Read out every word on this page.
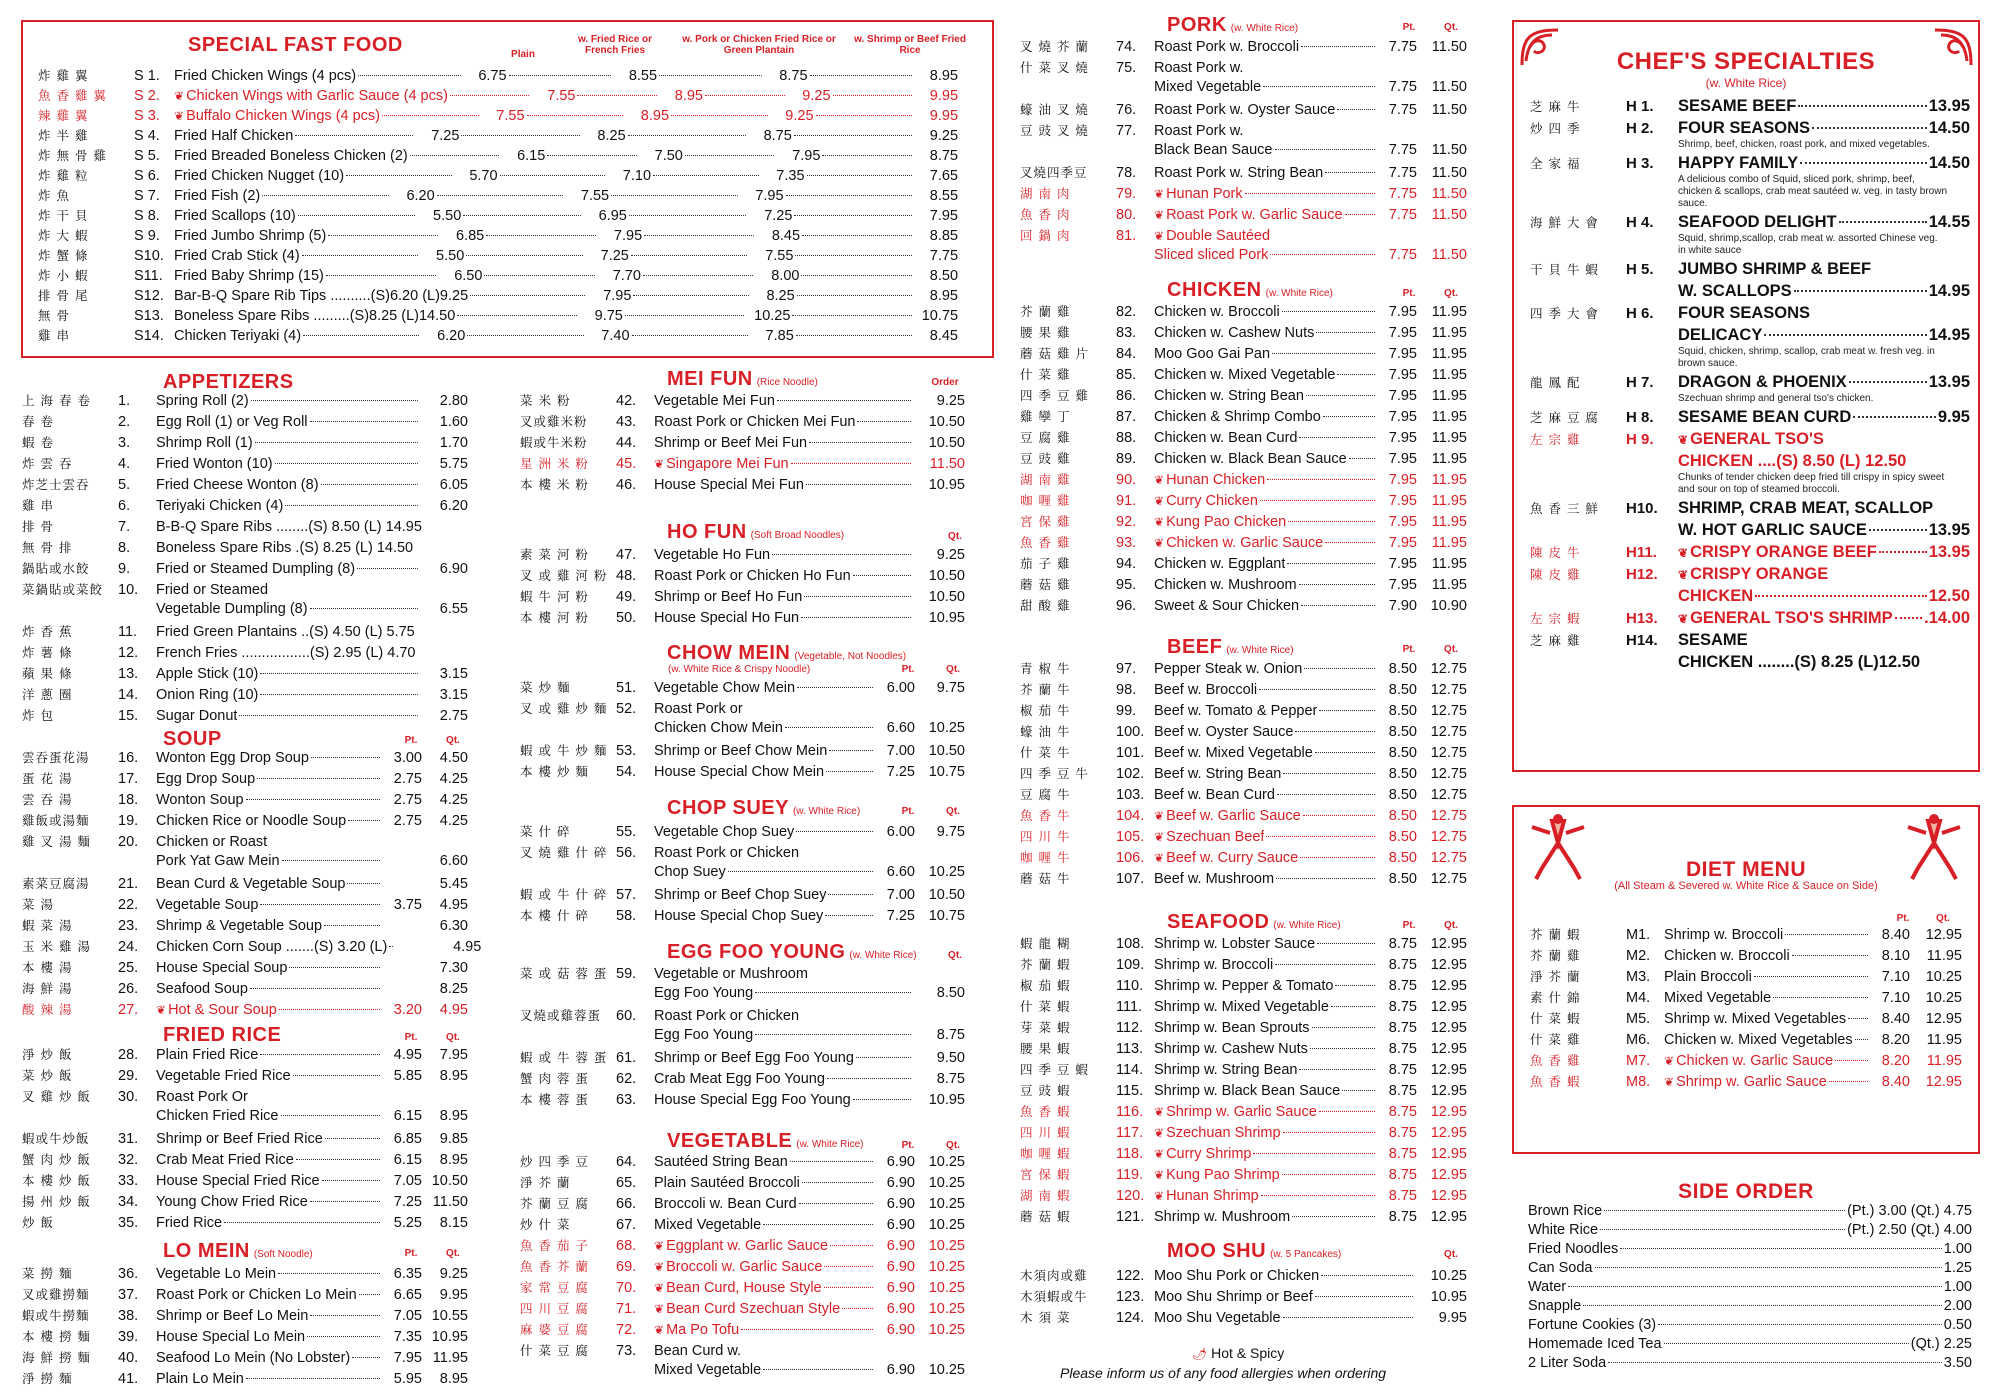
SPECIAL FAST FOOD	Plain
w. Fried Rice or French Fries
w. Pork or Chicken Fried Rice or Green Plantain
w. Shrimp or Beef Fried Rice
炸 雞 翼	S 1. Fried Chicken Wings (4 pcs)	6.75	8.55	8.75	8.95
魚 香 雞 翼	S 2.	❦ Chicken Wings with Garlic Sauce (4 pcs)	7.55	8.95	9.25	9.95
辣 雞 翼	S 3.	❦ Buffalo Chicken Wings (4 pcs)	7.55	8.95	9.25	9.95
炸 半 雞	S 4. Fried Half Chicken	7.25	8.25	8.75	9.25
炸 無 骨 雞	S 5. Fried Breaded Boneless Chicken (2)	6.15	7.50	7.95	8.75
炸 雞 粒	S 6. Fried Chicken Nugget (10)	5.70	7.10	7.35	7.65
炸 魚	S 7. Fried Fish (2)	6.20	7.55	7.95	8.55
炸 干 貝	S 8. Fried Scallops (10)	5.50	6.95	7.25	7.95
炸 大 蝦	S 9. Fried Jumbo Shrimp (5)	6.85	7.95	8.45	8.85
炸 蟹 條	S10. Fried Crab Stick (4)	5.50	7.25	7.55	7.75
炸 小 蝦	S11. Fried Baby Shrimp (15)	6.50	7.70	8.00	8.50
排 骨 尾	S12. Bar-B-Q Spare Rib Tips ..........(S)6.20 (L)9.25	7.95	8.25	8.95
無 骨	S13. Boneless Spare Ribs .........(S)8.25 (L)14.50	9.75	10.25	10.75
雞 串	S14. Chicken Teriyaki (4)	6.20	7.40	7.85	8.45
APPETIZERS
上 海 春 卷	1.	Spring Roll (2)	2.80
春 卷	2.	Egg Roll (1) or Veg Roll	1.60
蝦 卷	3.	Shrimp Roll (1)	1.70
炸 雲 吞	4.	Fried Wonton (10)	5.75
炸芝士雲吞	5.	Fried Cheese Wonton (8)	6.05
雞 串	6.	Teriyaki Chicken (4)	6.20
排 骨	7.	B-B-Q Spare Ribs ........(S) 8.50 (L) 14.95
無 骨 排	8.	Boneless Spare Ribs .(S) 8.25 (L) 14.50
鍋貼或水餃	9.	Fried or Steamed Dumpling (8)	6.90
菜鍋貼或菜餃	10.	Fried or Steamed
Vegetable Dumpling (8)	6.55
炸 香 蕉	11.	Fried Green Plantains ..(S) 4.50 (L) 5.75
炸 薯 條	12.	French Fries .................(S) 2.95 (L) 4.70
蘋 果 條	13.	Apple Stick (10)	3.15
洋 蔥 圈	14.	Onion Ring (10)	3.15
炸 包	15.	Sugar Donut	2.75
SOUP	Pt.	Qt.
雲吞蛋花湯	16.	Wonton Egg Drop Soup	3.00	4.50
蛋 花 湯	17.	Egg Drop Soup	2.75	4.25
雲 吞 湯	18.	Wonton Soup	2.75	4.25
雞飯或湯麵	19.	Chicken Rice or Noodle Soup	2.75	4.25
雞 叉 湯 麵	20.	Chicken or Roast
Pork Yat Gaw Mein	6.60
素菜豆腐湯	21.	Bean Curd & Vegetable Soup	5.45
菜 湯	22.	Vegetable Soup	3.75	4.95
蝦 菜 湯	23.	Shrimp & Vegetable Soup	6.30
玉 米 雞 湯	24.	Chicken Corn Soup .......(S) 3.20 (L)	4.95
本 樓 湯	25.	House Special Soup	7.30
海 鮮 湯	26.	Seafood Soup	8.25
酸 辣 湯	27.	❦ Hot & Sour Soup	3.20	4.95
FRIED RICE	Pt.	Qt.
淨 炒 飯	28.	Plain Fried Rice	4.95	7.95
菜 炒 飯	29.	Vegetable Fried Rice	5.85	8.95
叉 雞 炒 飯	30.	Roast Pork Or
Chicken Fried Rice	6.15	8.95
蝦或牛炒飯	31.	Shrimp or Beef Fried Rice	6.85	9.85
蟹 肉 炒 飯	32.	Crab Meat Fried Rice	6.15	8.95
本 樓 炒 飯	33.	House Special Fried Rice	7.05 10.50
揚 州 炒 飯	34.	Young Chow Fried Rice	7.25 11.50
炒 飯	35.	Fried Rice	5.25	8.15
LO MEIN (Soft Noodle)	Pt.	Qt.
菜 撈 麵	36.	Vegetable Lo Mein	6.35	9.25
叉或雞撈麵	37.	Roast Pork or Chicken Lo Mein	6.65	9.95
蝦或牛撈麵	38.	Shrimp or Beef Lo Mein	7.05 10.55
本 樓 撈 麵	39.	House Special Lo Mein	7.35 10.95
海 鮮 撈 麵	40.	Seafood Lo Mein (No Lobster)	7.95 11.95
淨 撈 麵	41.	Plain Lo Mein	5.95	8.95
MEI FUN (Rice Noodle)	Order
菜 米 粉	42.	Vegetable Mei Fun	9.25
叉或雞米粉	43.	Roast Pork or Chicken Mei Fun	10.50
蝦或牛米粉	44.	Shrimp or Beef Mei Fun	10.50
星 洲 米 粉	45.	❦ Singapore Mei Fun	11.50
本 樓 米 粉	46.	House Special Mei Fun	10.95
HO FUN (Soft Broad Noodles)	Qt.
素 菜 河 粉	47.	Vegetable Ho Fun	9.25
叉 或 雞 河 粉 48.	Roast Pork or Chicken Ho Fun	10.50
蝦 牛 河 粉	49.	Shrimp or Beef Ho Fun	10.50
本 樓 河 粉	50.	House Special Ho Fun	10.95
CHOW MEIN (Vegetable, Not Noodles)
(w. White Rice & Crispy Noodle)	Pt.	Qt.
菜 炒 麵	51.	Vegetable Chow Mein	6.00	9.75
叉 或 雞 炒 麵 52.	Roast Pork or
Chicken Chow Mein	6.60 10.25
蝦 或 牛 炒 麵 53.	Shrimp or Beef Chow Mein	7.00 10.50
本 樓 炒 麵	54.	House Special Chow Mein	7.25 10.75
CHOP SUEY (w. White Rice)	Pt.	Qt.
菜 什 碎	55.	Vegetable Chop Suey	6.00	9.75
叉 燒 雞 什 碎 56.	Roast Pork or Chicken
Chop Suey	6.60 10.25
蝦 或 牛 什 碎 57.	Shrimp or Beef Chop Suey	7.00 10.50
本 樓 什 碎	58.	House Special Chop Suey	7.25 10.75
EGG FOO YOUNG (w. White Rice)	Qt.
菜 或 菇 蓉 蛋 59.	Vegetable or Mushroom
Egg Foo Young	8.50
叉燒或雞蓉蛋	60.	Roast Pork or Chicken
Egg Foo Young	8.75
蝦 或 牛 蓉 蛋 61.	Shrimp or Beef Egg Foo Young	9.50
蟹 肉 蓉 蛋	62.	Crab Meat Egg Foo Young	8.75
本 樓 蓉 蛋	63.	House Special Egg Foo Young	10.95
VEGETABLE (w. White Rice)	Pt.	Qt.
炒 四 季 豆	64.	Sautéed String Bean	6.90 10.25
淨 芥 蘭	65.	Plain Sautéed Broccoli	6.90 10.25
芥 蘭 豆 腐	66.	Broccoli w. Bean Curd	6.90 10.25
炒 什 菜	67.	Mixed Vegetable	6.90 10.25
魚 香 茄 子	68.	❦ Eggplant w. Garlic Sauce	6.90 10.25
魚 香 芥 蘭	69.	❦ Broccoli w. Garlic Sauce	6.90 10.25
家 常 豆 腐	70.	❦ Bean Curd, House Style	6.90 10.25
四 川 豆 腐	71.	❦ Bean Curd Szechuan Style	6.90 10.25
麻 婆 豆 腐	72.	❦ Ma Po Tofu	6.90 10.25
什 菜 豆 腐	73.	Bean Curd w.
Mixed Vegetable	6.90 10.25
PORK (w. White Rice)	Pt.	Qt.
叉 燒 芥 蘭	74.	Roast Pork w. Broccoli	7.75	11.50
什 菜 叉 燒	75.	Roast Pork w.
Mixed Vegetable	7.75	11.50
蠔 油 叉 燒	76.	Roast Pork w. Oyster Sauce	7.75	11.50
豆 豉 叉 燒	77.	Roast Pork w.
Black Bean Sauce	7.75	11.50
叉燒四季豆	78.	Roast Pork w. String Bean	7.75	11.50
湖 南 肉	79.	❦ Hunan Pork	7.75	11.50
魚 香 肉	80.	❦ Roast Pork w. Garlic Sauce	7.75	11.50
回 鍋 肉	81.	❦ Double Sautéed
Sliced sliced Pork	7.75	11.50
CHICKEN (w. White Rice)	Pt.	Qt.
芥 蘭 雞	82.	Chicken w. Broccoli	7.95	11.95
腰 果 雞	83.	Chicken w. Cashew Nuts	7.95	11.95
蘑 菇 雞 片	84.	Moo Goo Gai Pan	7.95	11.95
什 菜 雞	85.	Chicken w. Mixed Vegetable	7.95	11.95
四 季 豆 雞	86.	Chicken w. String Bean	7.95	11.95
雞 孿 丁	87.	Chicken & Shrimp Combo	7.95	11.95
豆 腐 雞	88.	Chicken w. Bean Curd	7.95	11.95
豆 豉 雞	89.	Chicken w. Black Bean Sauce	7.95	11.95
湖 南 雞	90.	❦ Hunan Chicken	7.95	11.95
咖 喱 雞	91.	❦ Curry Chicken	7.95	11.95
宮 保 雞	92.	❦ Kung Pao Chicken	7.95	11.95
魚 香 雞	93.	❦ Chicken w. Garlic Sauce	7.95	11.95
茄 子 雞	94.	Chicken w. Eggplant	7.95	11.95
蘑 菇 雞	95.	Chicken w. Mushroom	7.95	11.95
甜 酸 雞	96.	Sweet & Sour Chicken	7.90 10.90
BEEF (w. White Rice)	Pt.	Qt.
青 椒 牛	97.	Pepper Steak w. Onion	8.50 12.75
芥 蘭 牛	98.	Beef w. Broccoli	8.50 12.75
椒 茄 牛	99.	Beef w. Tomato & Pepper	8.50 12.75
蠔 油 牛	100. Beef w. Oyster Sauce	8.50 12.75
什 菜 牛	101. Beef w. Mixed Vegetable	8.50 12.75
四 季 豆 牛	102. Beef w. String Bean	8.50 12.75
豆 腐 牛	103. Beef w. Bean Curd	8.50 12.75
魚 香 牛	104. ❦ Beef w. Garlic Sauce	8.50 12.75
四 川 牛	105. ❦ Szechuan Beef	8.50 12.75
咖 喱 牛	106. ❦ Beef w. Curry Sauce	8.50 12.75
蘑 菇 牛	107. Beef w. Mushroom	8.50 12.75
SEAFOOD (w. White Rice)	Pt.	Qt.
蝦 龍 糊	108. Shrimp w. Lobster Sauce	8.75 12.95
芥 蘭 蝦	109. Shrimp w. Broccoli	8.75 12.95
椒 茄 蝦	110. Shrimp w. Pepper & Tomato	8.75 12.95
什 菜 蝦	111. Shrimp w. Mixed Vegetable	8.75 12.95
芽 菜 蝦	112. Shrimp w. Bean Sprouts	8.75 12.95
腰 果 蝦	113. Shrimp w. Cashew Nuts	8.75 12.95
四 季 豆 蝦	114. Shrimp w. String Bean	8.75 12.95
豆 豉 蝦	115. Shrimp w. Black Bean Sauce	8.75 12.95
魚 香 蝦	116. ❦ Shrimp w. Garlic Sauce	8.75 12.95
四 川 蝦	117. ❦ Szechuan Shrimp	8.75 12.95
咖 喱 蝦	118. ❦ Curry Shrimp	8.75 12.95
宮 保 蝦	119. ❦ Kung Pao Shrimp	8.75 12.95
湖 南 蝦	120. ❦ Hunan Shrimp	8.75 12.95
蘑 菇 蝦	121. Shrimp w. Mushroom	8.75 12.95
MOO SHU (w. 5 Pancakes)	Qt.
木須肉或雞	122. Moo Shu Pork or Chicken	10.25
木須蝦或牛	123. Moo Shu Shrimp or Beef	10.95
木 須 菜	124. Moo Shu Vegetable	9.95
🌶︎ Hot & Spicy
Please inform us of any food allergies when ordering
CHEF'S SPECIALTIES
(w. White Rice)
芝 麻 牛	H 1.	SESAME BEEF	13.95
炒 四 季	H 2.	FOUR SEASONS	14.50
Shrimp, beef, chicken, roast pork, and mixed vegetables.
全 家 福	H 3.	HAPPY FAMILY	14.50
A delicious combo of Squid, sliced pork, shrimp, beef, chicken & scallops, crab meat sautéed w. veg. in tasty brown sauce.
海 鮮 大 會	H 4.	SEAFOOD DELIGHT	14.55
Squid, shrimp,scallop, crab meat w. assorted Chinese veg. in white sauce
干 貝 牛 蝦	H 5.	JUMBO SHRIMP & BEEF
W. SCALLOPS	14.95
四 季 大 會	H 6.	FOUR SEASONS
DELICACY	14.95
Squid, chicken, shrimp, scallop, crab meat w. fresh veg. in brown sauce.
龍 鳳 配	H 7.	DRAGON & PHOENIX	13.95
Szechuan shrimp and general tso's chicken.
芝 麻 豆 腐	H 8.	SESAME BEAN CURD	9.95
左 宗 雞	H 9.	❦ GENERAL TSO'S
CHICKEN ....(S) 8.50 (L) 12.50
Chunks of tender chicken deep fried till crispy in spicy sweet and sour on top of steamed broccoli.
魚 香 三 鮮	H10.	SHRIMP, CRAB MEAT, SCALLOP
W. HOT GARLIC SAUCE	13.95
陳 皮 牛	H11.	❦ CRISPY ORANGE BEEF	13.95
陳 皮 雞	H12.	❦ CRISPY ORANGE
CHICKEN	12.50
左 宗 蝦	H13.	❦ GENERAL TSO'S SHRIMP .14.00
芝 麻 雞	H14.	SESAME
CHICKEN ........(S) 8.25 (L)12.50
DIET MENU
(All Steam & Severed w. White Rice & Sauce on Side)
Pt.	Qt.
芥 蘭 蝦	M1. Shrimp w. Broccoli	8.40	12.95
芥 蘭 雞	M2. Chicken w. Broccoli	8.10	11.95
淨 芥 蘭	M3. Plain Broccoli	7.10	10.25
素 什 錦	M4. Mixed Vegetable	7.10	10.25
什 菜 蝦	M5. Shrimp w. Mixed Vegetables	8.40	12.95
什 菜 雞	M6. Chicken w. Mixed Vegetables	8.20	11.95
魚 香 雞	M7.	❦ Chicken w. Garlic Sauce	8.20	11.95
魚 香 蝦	M8.	❦ Shrimp w. Garlic Sauce	8.40	12.95
SIDE ORDER
Brown Rice	(Pt.) 3.00 (Qt.) 4.75
White Rice	(Pt.) 2.50 (Qt.) 4.00
Fried Noodles	1.00
Can Soda	1.25
Water	1.00
Snapple	2.00
Fortune Cookies (3)	0.50
Homemade Iced Tea	(Qt.) 2.25
2 Liter Soda	3.50
